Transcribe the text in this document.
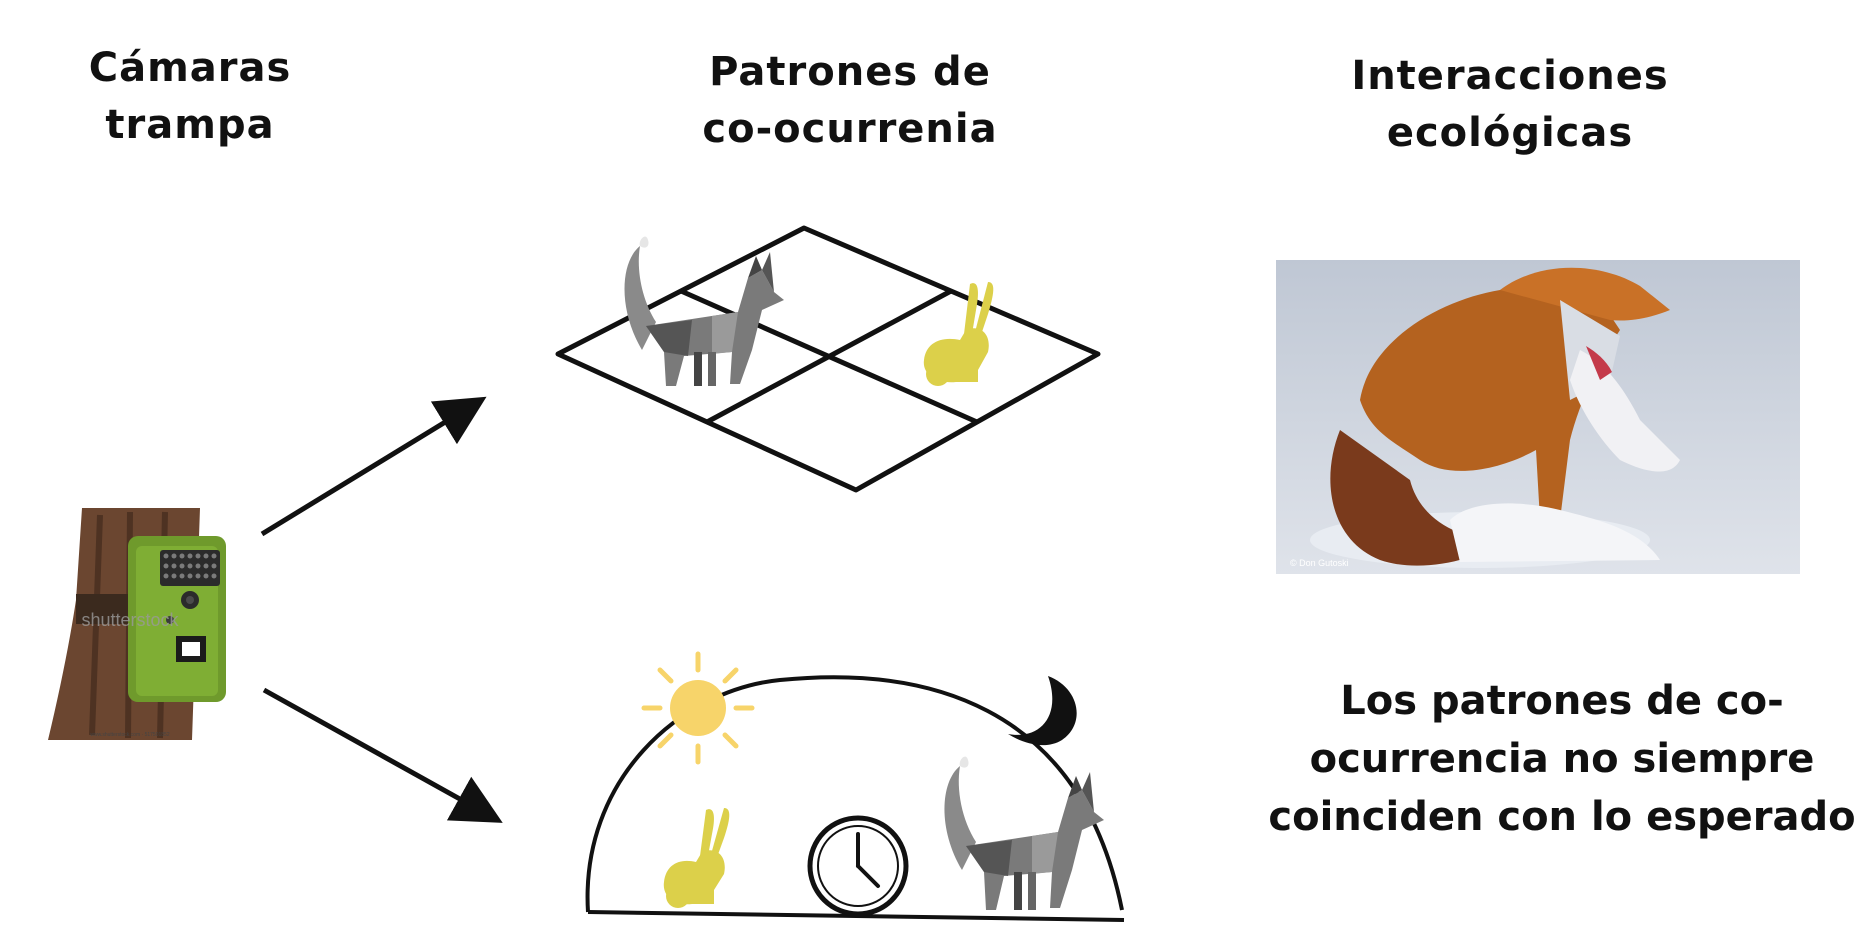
Cámaras
trampa
Patrones de
co-ocurrenia
Interacciones
ecológicas
shutterstock
www.shutterstock.com · 517501852
© Don Gutoski
Los patrones de co-
ocurrencia no siempre
coinciden con lo esperado
